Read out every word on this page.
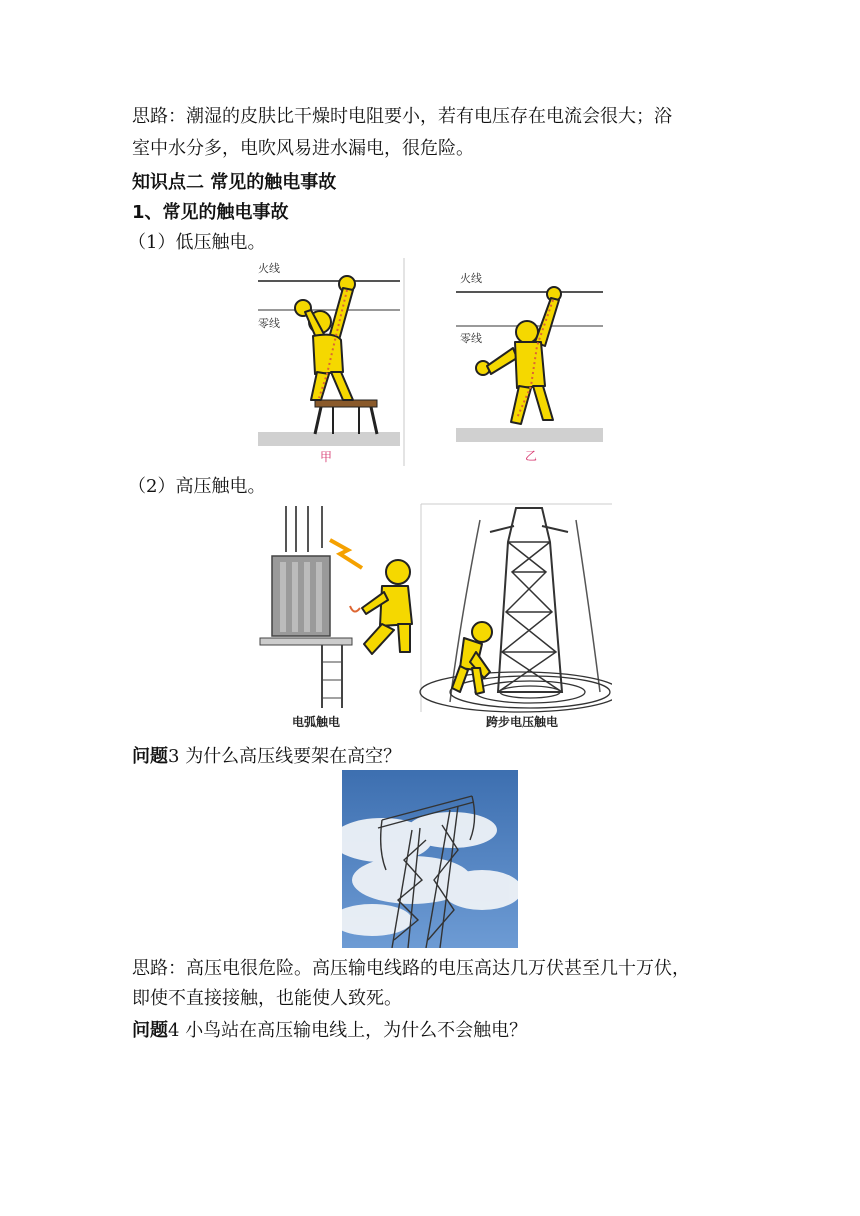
思路：潮湿的皮肤比干燥时电阻要小，若有电压存在电流会很大；浴
室中水分多，电吹风易进水漏电，很危险。
知识点二 常见的触电事故
1、常见的触电事故
（1）低压触电。
火线
零线
甲
火线
零线
乙
（2）高压触电。
电弧触电	跨步电压触电
问题3 为什么高压线要架在高空？
思路：高压电很危险。高压输电线路的电压高达几万伏甚至几十万伏，
即使不直接接触，也能使人致死。
问题4 小鸟站在高压输电线上，为什么不会触电？
